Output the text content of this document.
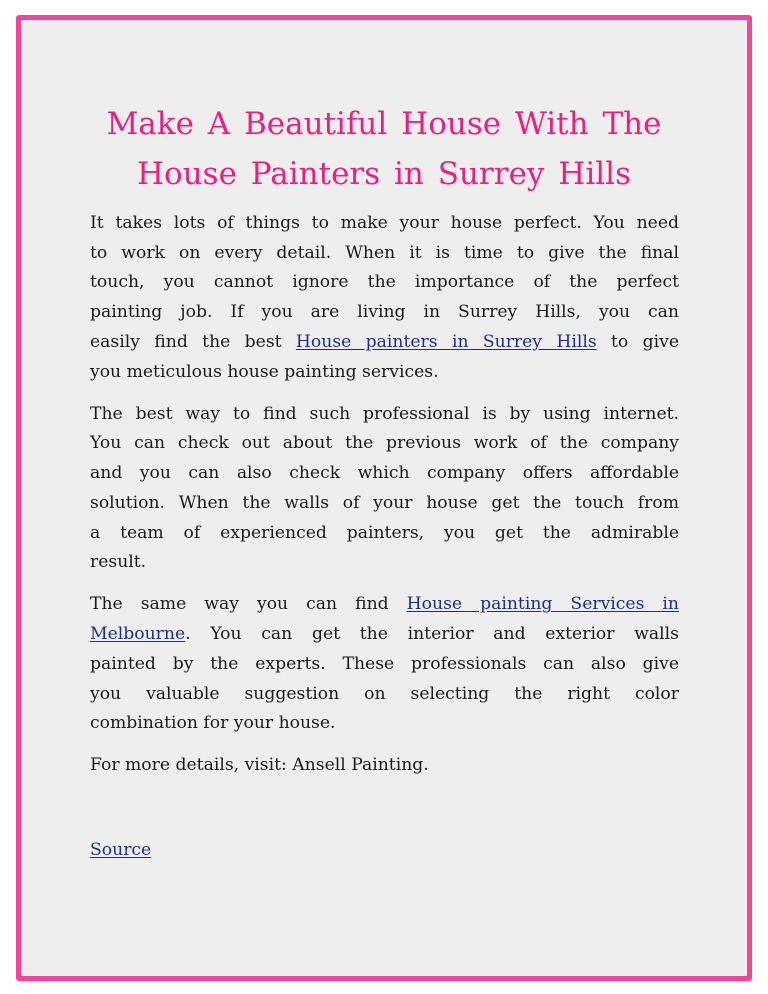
Make A Beautiful House With The
House Painters in Surrey Hills

It takes lots of things to make your house perfect. You need
to work on every detail. When it is time to give the final
touch, you cannot ignore the importance of the perfect
painting job. If you are living in Surrey Hills, you can
easily find the best House painters in Surrey Hills to give
you meticulous house painting services.

The best way to find such professional is by using internet.
You can check out about the previous work of the company
and you can also check which company offers affordable
solution. When the walls of your house get the touch from
a team of experienced painters, you get the admirable
result.

The same way you can find House painting Services in
Melbourne. You can get the interior and exterior walls
painted by the experts. These professionals can also give
you valuable suggestion on selecting the right color
combination for your house.

For more details, visit: Ansell Painting.

Source
